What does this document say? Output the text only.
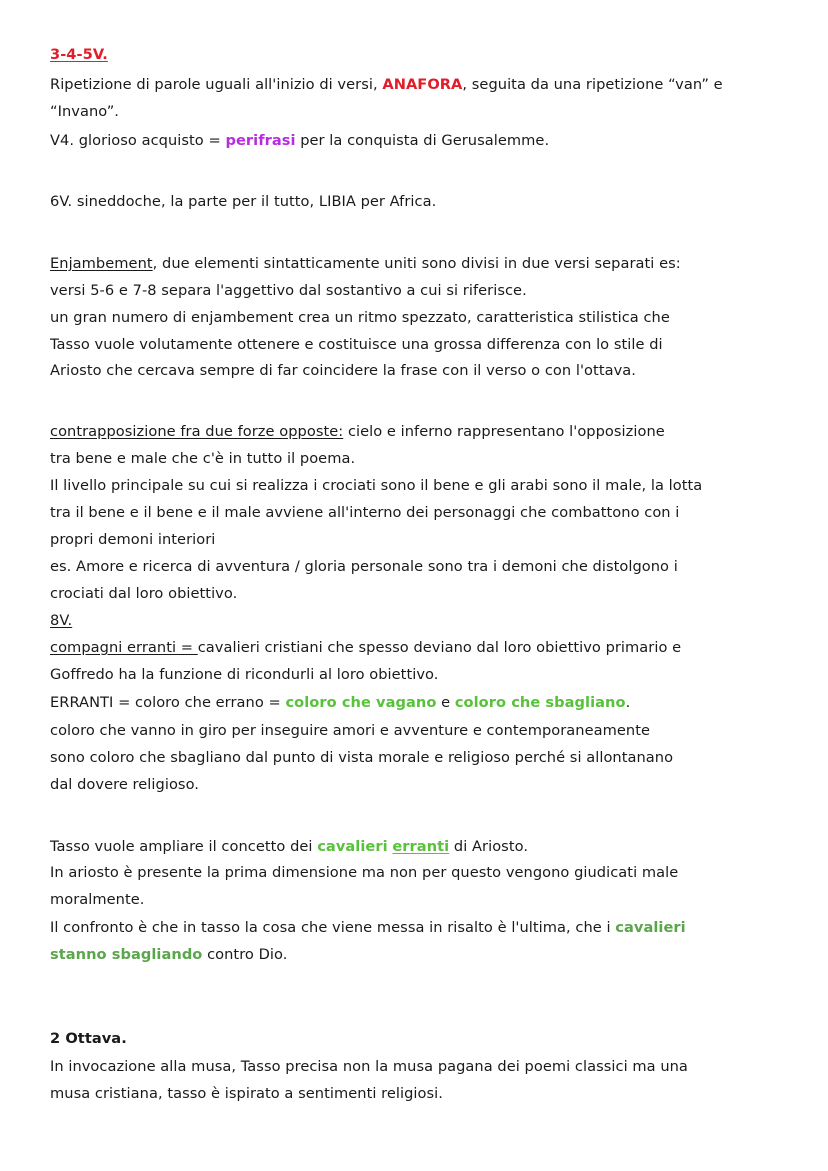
3-4-5V.
Ripetizione di parole uguali all'inizio di versi, ANAFORA, seguita da una ripetizione “van” e
“Invano”.
V4. glorioso acquisto = perifrasi per la conquista di Gerusalemme.
6V. sineddoche, la parte per il tutto, LIBIA per Africa.
Enjambement, due elementi sintatticamente uniti sono divisi in due versi separati es:
versi 5-6 e 7-8 separa l'aggettivo dal sostantivo a cui si riferisce.
un gran numero di enjambement crea un ritmo spezzato, caratteristica stilistica che
Tasso vuole volutamente ottenere e costituisce una grossa differenza con lo stile di
Ariosto che cercava sempre di far coincidere la frase con il verso o con l'ottava.
contrapposizione fra due forze opposte: cielo e inferno rappresentano l'opposizione
tra bene e male che c'è in tutto il poema.
Il livello principale su cui si realizza i crociati sono il bene e gli arabi sono il male, la lotta
tra il bene e il bene e il male avviene all'interno dei personaggi che combattono con i
propri demoni interiori
es. Amore e ricerca di avventura / gloria personale sono tra i demoni che distolgono i
crociati dal loro obiettivo.
8V.
compagni erranti = cavalieri cristiani che spesso deviano dal loro obiettivo primario e
Goffredo ha la funzione di ricondurli al loro obiettivo.
ERRANTI = coloro che errano = coloro che vagano e coloro che sbagliano.
coloro che vanno in giro per inseguire amori e avventure e contemporaneamente
sono coloro che sbagliano dal punto di vista morale e religioso perché si allontanano
dal dovere religioso.
Tasso vuole ampliare il concetto dei cavalieri erranti di Ariosto.
In ariosto è presente la prima dimensione ma non per questo vengono giudicati male
moralmente.
Il confronto è che in tasso la cosa che viene messa in risalto è l'ultima, che i cavalieri
stanno sbagliando contro Dio.
2 Ottava.
In invocazione alla musa, Tasso precisa non la musa pagana dei poemi classici ma una
musa cristiana, tasso è ispirato a sentimenti religiosi.
